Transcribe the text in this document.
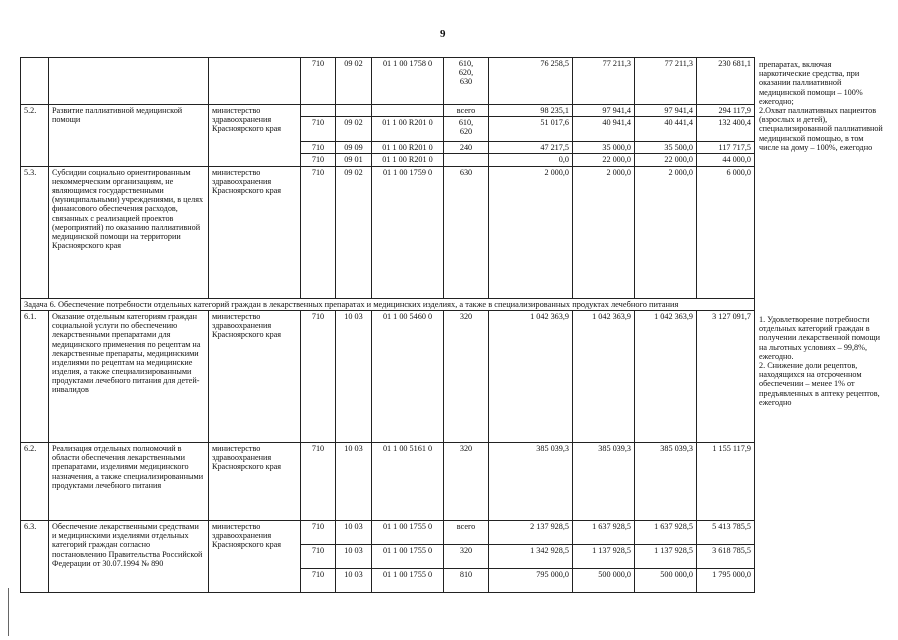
9
			710	09 02	01 1 00 1758 0	610,
620,
630	76 258,5	77 211,3	77 211,3	230 681,1
5.2.	Развитие паллиативной медицинской помощи	министерство здравоохранения Красноярского края				всего	98 235,1	97 941,4	97 941,4	294 117,9
			710	09 02	01 1 00 R201 0	610,
620	51 017,6	40 941,4	40 441,4	132 400,4
			710	09 09	01 1 00 R201 0	240	47 217,5	35 000,0	35 500,0	117 717,5
			710	09 01	01 1 00 R201 0		0,0	22 000,0	22 000,0	44 000,0
5.3.	Субсидии социально ориентированным некоммерческим организациям, не являющимся государственными (муниципальными) учреждениями, в целях финансового обеспечения расходов, связанных с реализацией проектов (мероприятий) по оказанию паллиативной медицинской помощи на территории Красноярского края	министерство здравоохранения Красноярского края	710	09 02	01 1 00 1759 0	630	2 000,0	2 000,0	2 000,0	6 000,0
Задача 6. Обеспечение потребности отдельных категорий граждан в лекарственных препаратах и медицинских изделиях, а также в специализированных продуктах лечебного питания										
6.1.	Оказание отдельным категориям граждан социальной услуги по обеспечению лекарственными препаратами для медицинского применения по рецептам на лекарственные препараты, медицинскими изделиями по рецептам на медицинские изделия, а также специализированными продуктами лечебного питания для детей-инвалидов	министерство здравоохранения Красноярского края	710	10 03	01 1 00 5460 0	320	1 042 363,9	1 042 363,9	1 042 363,9	3 127 091,7
6.2.	Реализация отдельных полномочий в области обеспечения лекарственными препаратами, изделиями медицинского назначения, а также специализированными продуктами лечебного питания	министерство здравоохранения Красноярского края	710	10 03	01 1 00 5161 0	320	385 039,3	385 039,3	385 039,3	1 155 117,9
6.3.	Обеспечение лекарственными средствами и медицинскими изделиями отдельных категорий граждан согласно постановлению Правительства Российской Федерации от 30.07.1994 № 890	министерство здравоохранения Красноярского края	710	10 03	01 1 00 1755 0	всего	2 137 928,5	1 637 928,5	1 637 928,5	5 413 785,5
			710	10 03	01 1 00 1755 0	320	1 342 928,5	1 137 928,5	1 137 928,5	3 618 785,5
			710	10 03	01 1 00 1755 0	810	795 000,0	500 000,0	500 000,0	1 795 000,0
препаратах, включая наркотические средства, при оказании паллиативной медицинской помощи – 100% ежегодно;
2.Охват паллиативных пациентов (взрослых и детей), специализированной паллиативной медицинской помощью, в том числе на дому – 100%, ежегодно
1. Удовлетворение потребности отдельных категорий граждан в получении лекарственной помощи на льготных условиях – 99,8%, ежегодно.
2. Снижение доли рецептов, находящихся на отсроченном обеспечении – менее 1% от предъявленных в аптеку рецептов, ежегодно
